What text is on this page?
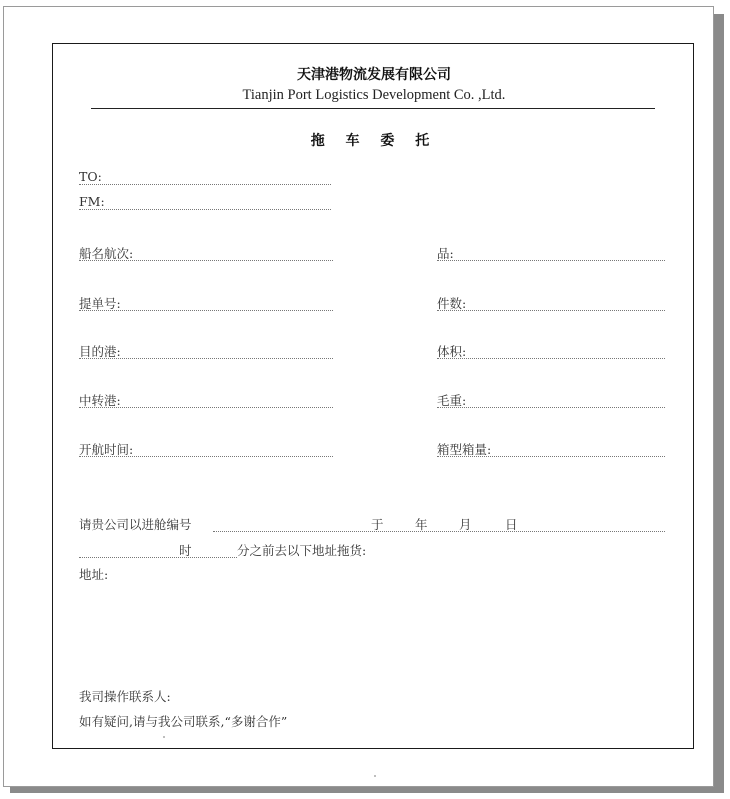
天津港物流发展有限公司
Tianjin Port Logistics Development Co. ,Ltd.
拖 车 委 托
TO:
FM:
船名航次:	品:
提单号:	件数:
目的港:	体积:
中转港:	毛重:
开航时间:	箱型箱量:
请贵公司以进舱编号	于	年	月	日
时	分之前去以下地址拖货:
地址:
我司操作联系人:
如有疑问,请与我公司联系,“多谢合作”
